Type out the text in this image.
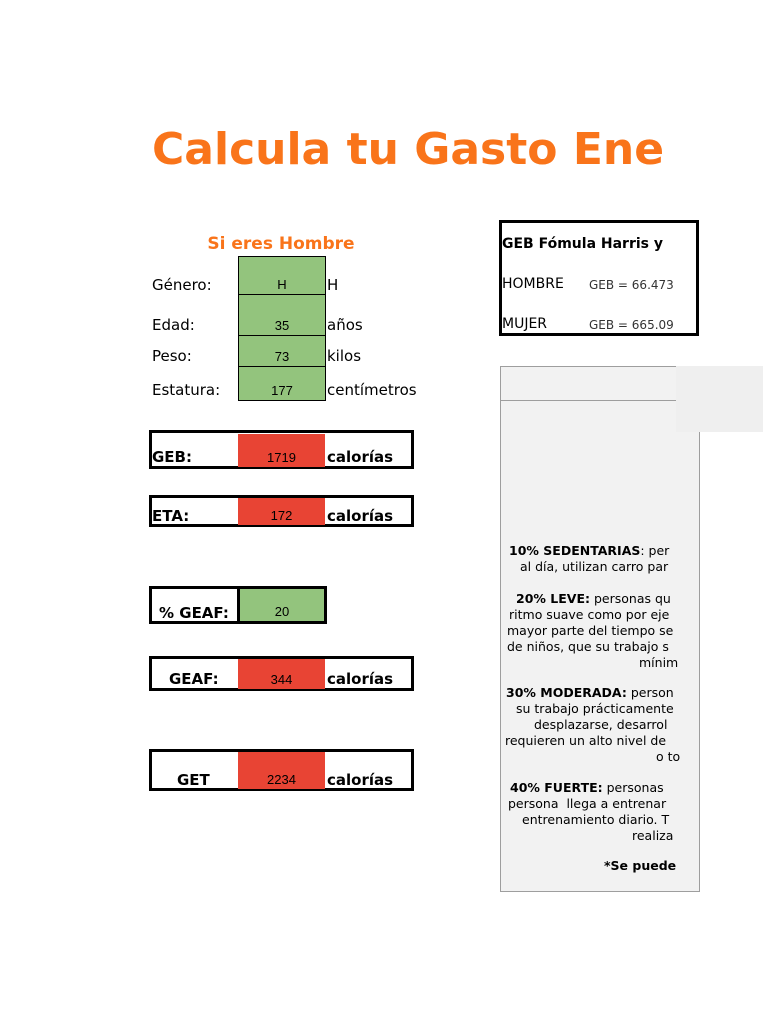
Calcula tu Gasto Ene
Si eres Hombre
Género:	H	H
Edad:	35	años
Peso:	73	kilos
Estatura:	177	centímetros
GEB:	1719	calorías
ETA:	172	calorías
% GEAF:	20
GEAF:	344	calorías
GET	2234	calorías
GEB Fómula Harris y
HOMBRE GEB = 66.473
MUJER	GEB = 665.09
10% SEDENTARIAS: per
al día, utilizan carro par
20% LEVE: personas qu
ritmo suave como por eje
mayor parte del tiempo se
de niños, que su trabajo s
mínim
30% MODERADA: person
su trabajo prácticamente
desplazarse, desarrol
requieren un alto nivel de
o to
40% FUERTE: personas
persona  llega a entrenar
entrenamiento diario. T
realiza
*Se puede
